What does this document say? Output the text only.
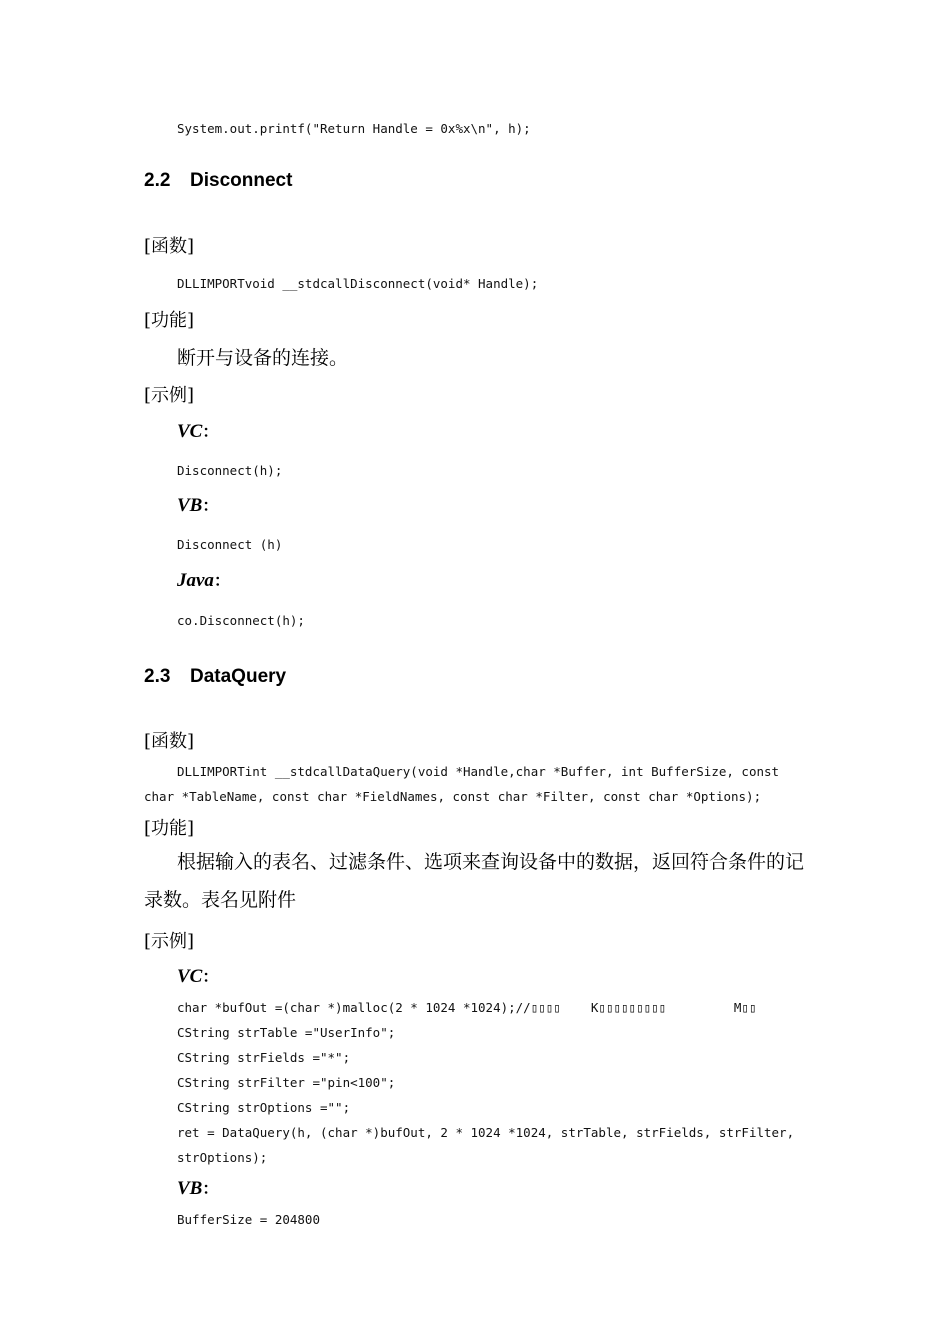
System.out.printf("Return Handle = 0x%x\n", h);
2.2 Disconnect
[函数]
DLLIMPORTvoid __stdcallDisconnect(void* Handle);
[功能]
断开与设备的连接。
[示例]
VC：
Disconnect(h);
VB：
Disconnect (h)
Java：
co.Disconnect(h);
2.3 DataQuery
[函数]
DLLIMPORTint __stdcallDataQuery(void *Handle,char *Buffer, int BufferSize, const char *TableName, const char *FieldNames, const char *Filter, const char *Options);
[功能]
根据输入的表名、过滤条件、选项来查询设备中的数据，返回符合条件的记录数。表名见附件
[示例]
VC：
char *bufOut =(char *)malloc(2 * 1024 *1024);//▯▯▯▯    K▯▯▯▯▯▯▯▯▯         M▯▯
CString strTable ="UserInfo";
CString strFields ="*";
CString strFilter ="pin<100";
CString strOptions ="";
ret = DataQuery(h, (char *)bufOut, 2 * 1024 *1024, strTable, strFields, strFilter,
strOptions);
VB：
BufferSize = 204800
